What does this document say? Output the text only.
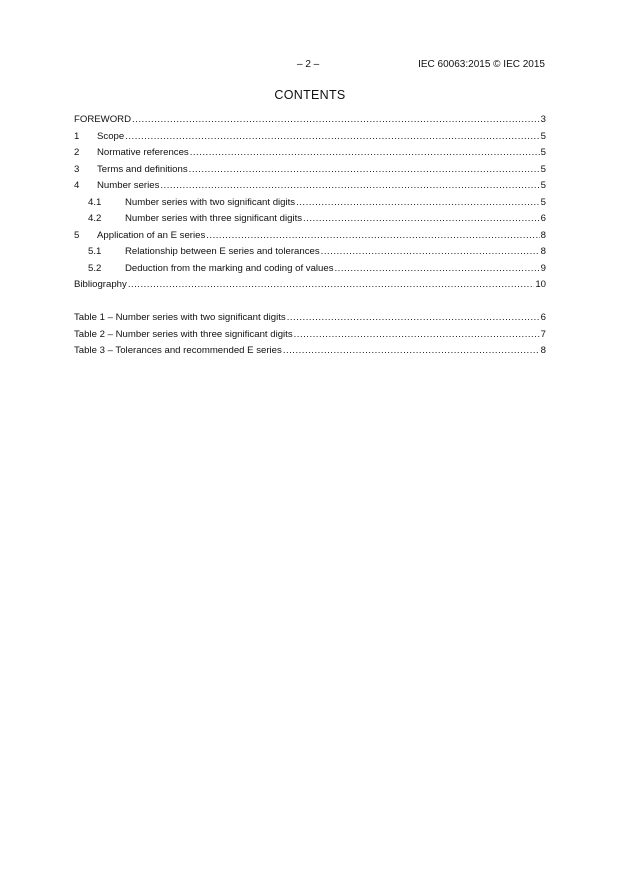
– 2 –	IEC 60063:2015 © IEC 2015
CONTENTS
FOREWORD .....	3
1	Scope .....	5
2	Normative references .....	5
3	Terms and definitions .....	5
4	Number series .....	5
4.1	Number series with two significant digits .....	5
4.2	Number series with three significant digits .....	6
5	Application of an E series .....	8
5.1	Relationship between E series and tolerances .....	8
5.2	Deduction from the marking and coding of values .....	9
Bibliography .....	10
Table 1 – Number series with two significant digits .....	6
Table 2 – Number series with three significant digits .....	7
Table 3 – Tolerances and recommended E series .....	8
